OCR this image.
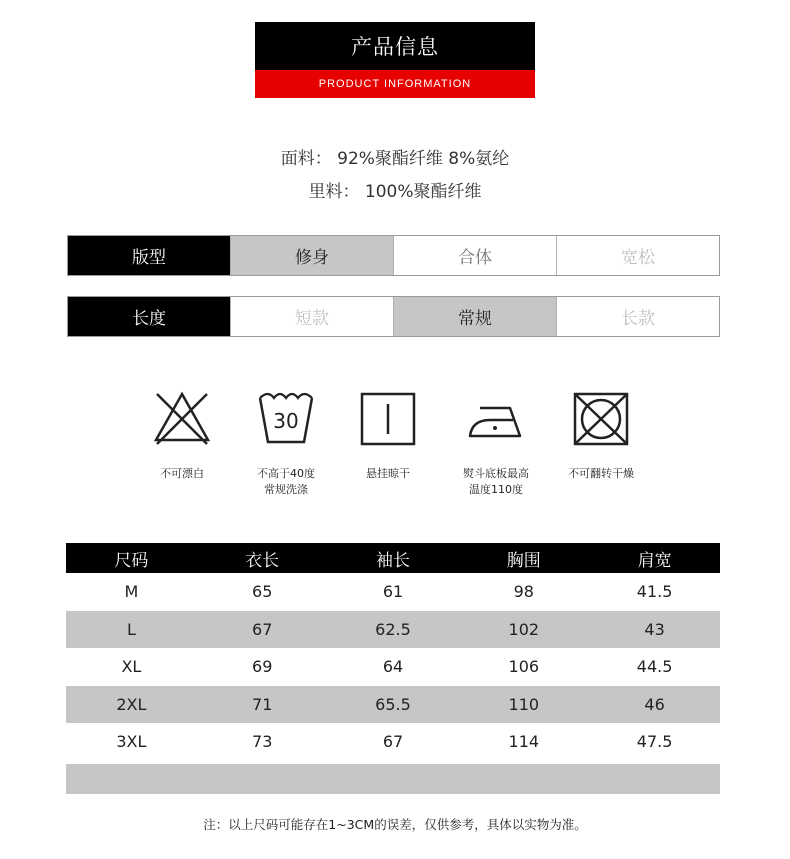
产品信息
PRODUCT INFORMATION
面料： 92%聚酯纤维 8%氨纶
里料： 100%聚酯纤维
版型	修身	合体	宽松
长度	短款	常规	长款
不可漂白
30
不高于40度常规洗涤
悬挂晾干	熨斗底板最高温度110度
不可翻转干燥
尺码	衣长	袖长	胸围	肩宽
M	65	61	98	41.5
L	67	62.5	102	43
XL	69	64	106	44.5
2XL	71	65.5	110	46
3XL	73	67	114	47.5
注：以上尺码可能存在1~3CM的误差，仅供参考，具体以实物为准。
